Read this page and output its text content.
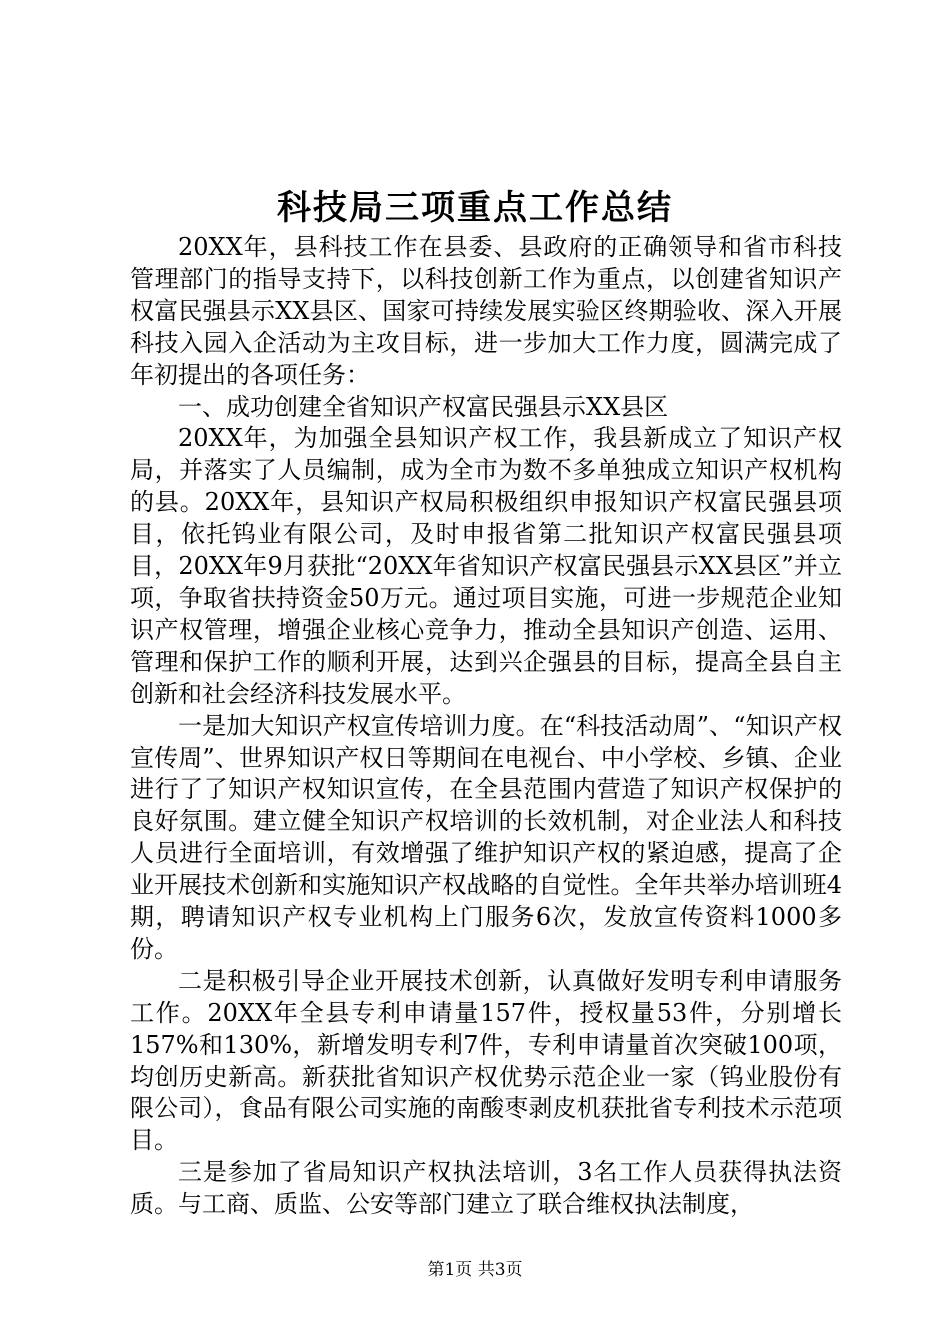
科技局三项重点工作总结

20XX年，县科技工作在县委、县政府的正确领导和省市科技管理部门的指导支持下，以科技创新工作为重点，以创建省知识产权富民强县示XX县区、国家可持续发展实验区终期验收、深入开展科技入园入企活动为主攻目标，进一步加大工作力度，圆满完成了年初提出的各项任务：

一、成功创建全省知识产权富民强县示XX县区

20XX年，为加强全县知识产权工作，我县新成立了知识产权局，并落实了人员编制，成为全市为数不多单独成立知识产权机构的县。20XX年，县知识产权局积极组织申报知识产权富民强县项目，依托钨业有限公司，及时申报省第二批知识产权富民强县项目，20XX年9月获批“20XX年省知识产权富民强县示XX县区”并立项，争取省扶持资金50万元。通过项目实施，可进一步规范企业知识产权管理，增强企业核心竞争力，推动全县知识产创造、运用、管理和保护工作的顺利开展，达到兴企强县的目标，提高全县自主创新和社会经济科技发展水平。

一是加大知识产权宣传培训力度。在“科技活动周”、“知识产权宣传周”、世界知识产权日等期间在电视台、中小学校、乡镇、企业进行了了知识产权知识宣传，在全县范围内营造了知识产权保护的良好氛围。建立健全知识产权培训的长效机制，对企业法人和科技人员进行全面培训，有效增强了维护知识产权的紧迫感，提高了企业开展技术创新和实施知识产权战略的自觉性。全年共举办培训班4期，聘请知识产权专业机构上门服务6次，发放宣传资料1000多份。

二是积极引导企业开展技术创新，认真做好发明专利申请服务工作。20XX年全县专利申请量157件，授权量53件，分别增长157%和130%，新增发明专利7件，专利申请量首次突破100项，均创历史新高。新获批省知识产权优势示范企业一家（钨业股份有限公司），食品有限公司实施的南酸枣剥皮机获批省专利技术示范项目。

三是参加了省局知识产权执法培训，3名工作人员获得执法资质。与工商、质监、公安等部门建立了联合维权执法制度，

第1页 共3页
